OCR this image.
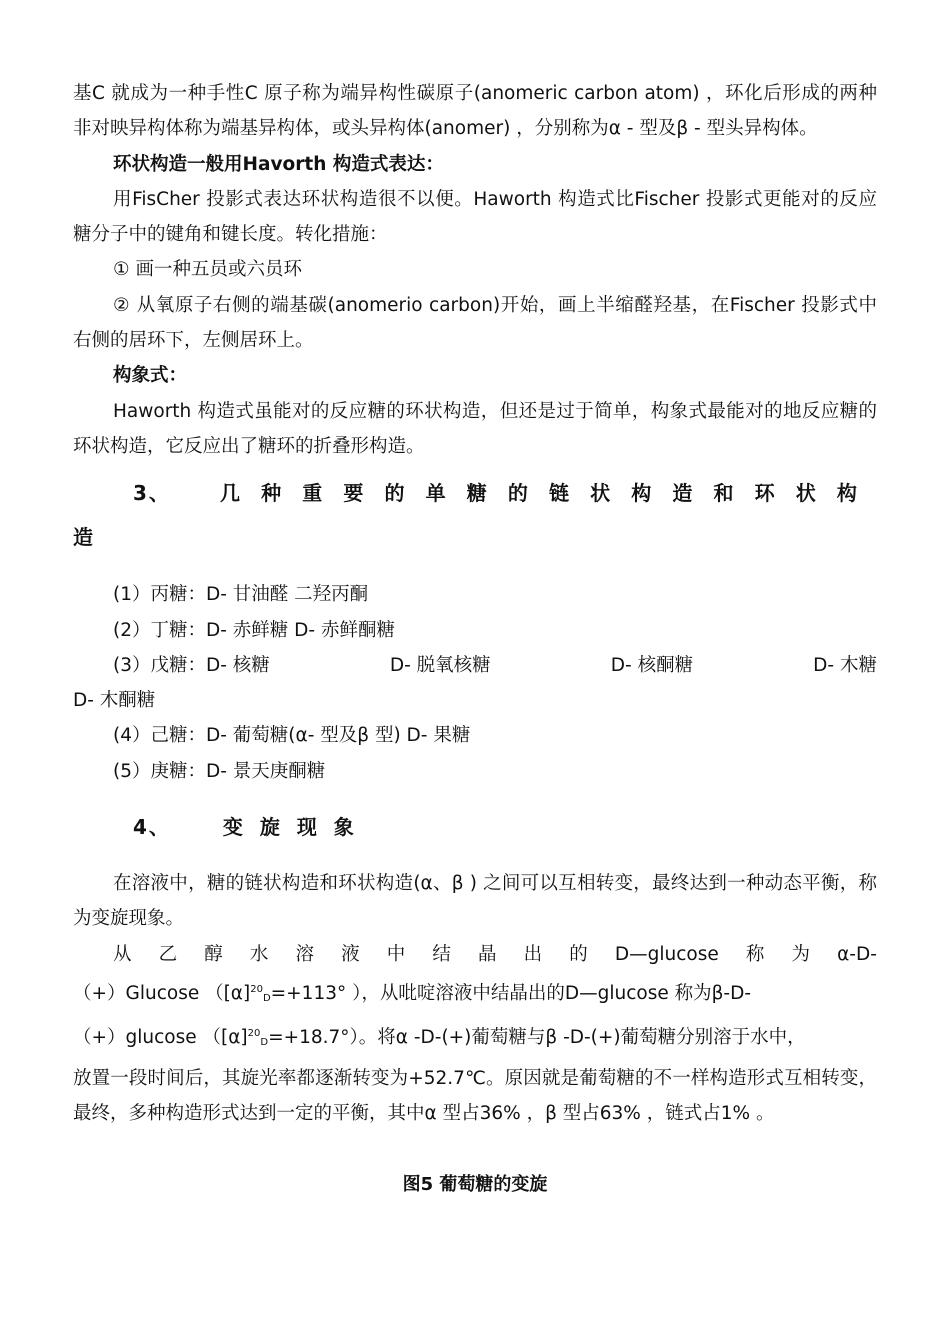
基C 就成为一种手性C 原子称为端异构性碳原子(anomeric carbon atom) ，环化后形成的两种非对映异构体称为端基异构体，或头异构体(anomer) ，分别称为α - 型及β - 型头异构体。

环状构造一般用Havorth 构造式表达：

用FisCher 投影式表达环状构造很不以便。Haworth 构造式比Fischer 投影式更能对的反应糖分子中的键角和键长度。转化措施：

① 画一种五员或六员环

② 从氧原子右侧的端基碳(anomerio carbon)开始，画上半缩醛羟基，在Fischer 投影式中右侧的居环下，左侧居环上。

构象式：

Haworth 构造式虽能对的反应糖的环状构造，但还是过于简单，构象式最能对的地反应糖的环状构造，它反应出了糖环的折叠形构造。

3、 几 种 重 要 的 单 糖 的 链 状 构 造 和 环 状 构

造

(1）丙糖：D- 甘油醛 二羟丙酮

(2）丁糖：D- 赤鲜糖 D- 赤鲜酮糖

(3）戊糖：D- 核糖	D- 脱氧核糖	D- 核酮糖	D- 木糖

D- 木酮糖

(4）己糖：D- 葡萄糖(α- 型及β 型) D- 果糖

(5）庚糖：D- 景天庚酮糖

4、	变 旋 现 象

在溶液中，糖的链状构造和环状构造(α、β ) 之间可以互相转变，最终达到一种动态平衡，称为变旋现象。

从 乙 醇 水 溶 液 中 结 晶 出 的 D—glucose 称 为 α-D-

（+）Glucose （$[\alpha]^{20}_D=+113^\circ$ ），从吡啶溶液中结晶出的D—glucose 称为β-D-

（+）glucose $([\alpha]^{20}_D=+18.7^\circ)$。将α -D-(+)葡萄糖与β -D-(+)葡萄糖分别溶于水中，

放置一段时间后，其旋光率都逐渐转变为+52.7℃。原因就是葡萄糖的不一样构造形式互相转变，最终，多种构造形式达到一定的平衡，其中α 型占36% ，β 型占63% ，链式占1% 。

图5 葡萄糖的变旋
